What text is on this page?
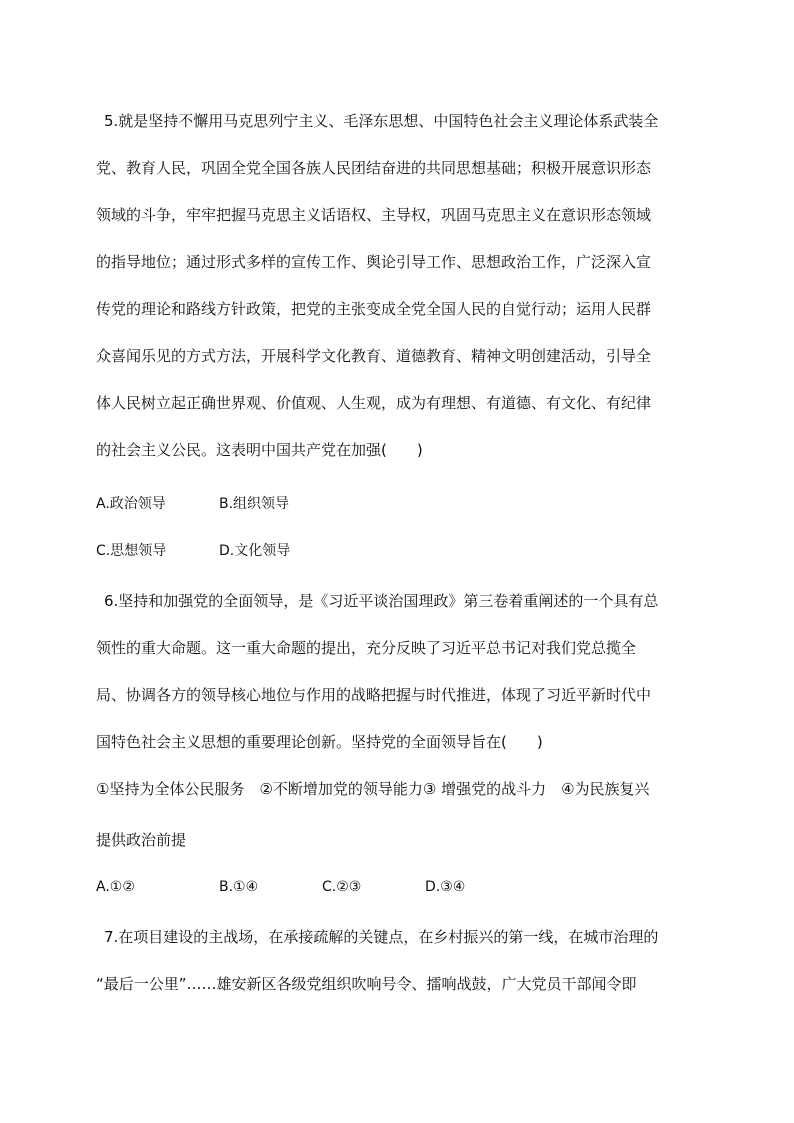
5.就是坚持不懈用马克思列宁主义、毛泽东思想、中国特色社会主义理论体系武装全
党、教育人民，巩固全党全国各族人民团结奋进的共同思想基础；积极开展意识形态
领域的斗争，牢牢把握马克思主义话语权、主导权，巩固马克思主义在意识形态领域
的指导地位；通过形式多样的宣传工作、舆论引导工作、思想政治工作，广泛深入宣
传党的理论和路线方针政策，把党的主张变成全党全国人民的自觉行动；运用人民群
众喜闻乐见的方式方法，开展科学文化教育、道德教育、精神文明创建活动，引导全
体人民树立起正确世界观、价值观、人生观，成为有理想、有道德、有文化、有纪律
的社会主义公民。这表明中国共产党在加强(　　)
A.政治领导	B.组织领导
C.思想领导	D.文化领导
6.坚持和加强党的全面领导，是《习近平谈治国理政》第三卷着重阐述的一个具有总
领性的重大命题。这一重大命题的提出，充分反映了习近平总书记对我们党总揽全
局、协调各方的领导核心地位与作用的战略把握与时代推进，体现了习近平新时代中
国特色社会主义思想的重要理论创新。坚持党的全面领导旨在(　　)
①坚持为全体公民服务　②不断增加党的领导能力③ 增强党的战斗力　④为民族复兴
提供政治前提
A.①②	B.①④	C.②③	D.③④
7.在项目建设的主战场，在承接疏解的关键点，在乡村振兴的第一线，在城市治理的
“最后一公里”……雄安新区各级党组织吹响号令、擂响战鼓，广大党员干部闻令即
